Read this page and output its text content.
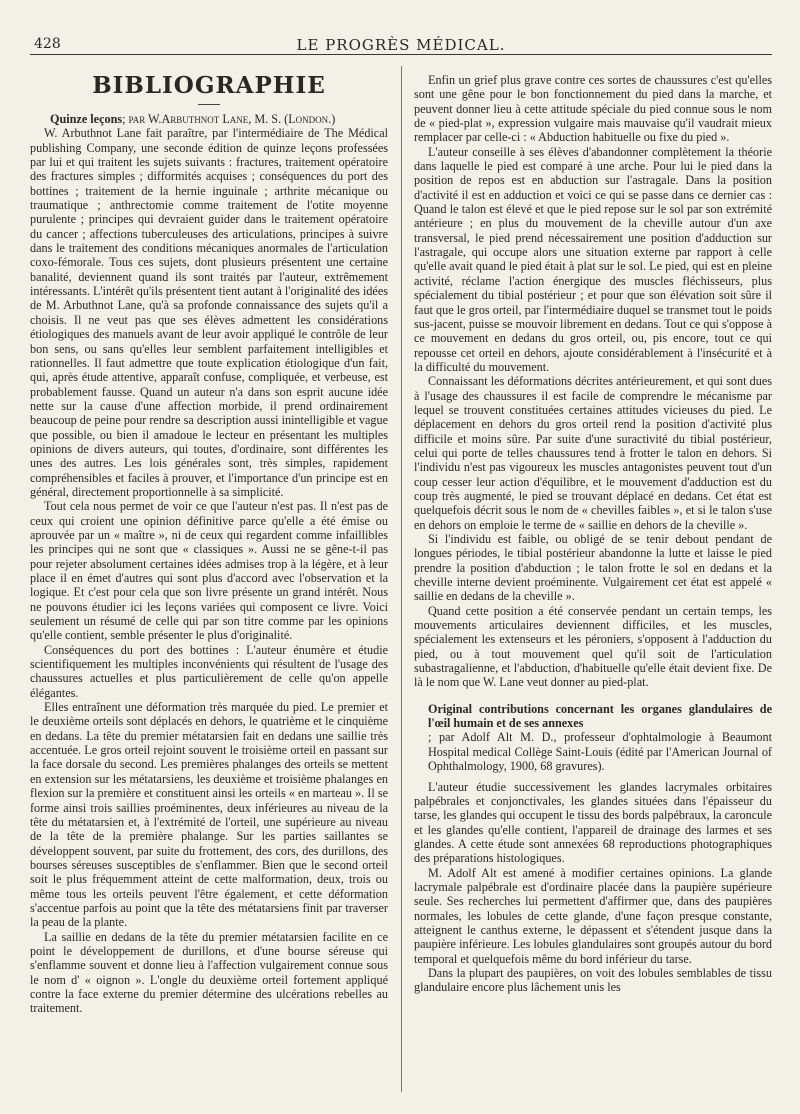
428	LE PROGRÈS MÉDICAL.
BIBLIOGRAPHIE

Quinze leçons; par W.Arbuthnot Lane, M. S. (London.)

W. Arbuthnot Lane fait paraître, par l'intermédiaire de The Médical publishing Company, une seconde édition de quinze leçons professées par lui et qui traitent les sujets suivants : fractures, traitement opératoire des fractures simples ; difformités acquises ; conséquences du port des bottines ; traitement de la hernie inguinale ; arthrite mécanique ou traumatique ; anthrectomie comme traitement de l'otite moyenne purulente ; principes qui devraient guider dans le traitement opératoire du cancer ; affections tuberculeuses des articulations, principes à suivre dans le traitement des conditions mécaniques anormales de l'articulation coxo-fémorale. Tous ces sujets, dont plusieurs présentent une certaine banalité, deviennent quand ils sont traités par l'auteur, extrêmement intéressants. L'intérêt qu'ils présentent tient autant à l'originalité des idées de M. Arbuthnot Lane, qu'à sa profonde connaissance des sujets qu'il a choisis. Il ne veut pas que ses élèves admettent les considérations étiologiques des manuels avant de leur avoir appliqué le contrôle de leur bon sens, ou sans qu'elles leur semblent parfaitement intelligibles et rationnelles. Il faut admettre que toute explication étiologique d'un fait, qui, après étude attentive, apparaît confuse, compliquée, et verbeuse, est probablement fausse. Quand un auteur n'a dans son esprit aucune idée nette sur la cause d'une affection morbide, il prend ordinairement beaucoup de peine pour rendre sa description aussi inintelligible et vague que possible, ou bien il amadoue le lecteur en présentant les multiples opinions de divers auteurs, qui toutes, d'ordinaire, sont différentes les unes des autres. Les lois générales sont, très simples, rapidement compréhensibles et faciles à prouver, et l'importance d'un principe est en général, directement proportionnelle à sa simplicité.

Tout cela nous permet de voir ce que l'auteur n'est pas. Il n'est pas de ceux qui croient une opinion définitive parce qu'elle a été émise ou aprouvée par un « maître », ni de ceux qui regardent comme infaillibles les principes qui ne sont que « classiques ». Aussi ne se gêne-t-il pas pour rejeter absolument certaines idées admises trop à la légère, et à leur place il en émet d'autres qui sont plus d'accord avec l'observation et la logique. Et c'est pour cela que son livre présente un grand intérêt. Nous ne pouvons étudier ici les leçons variées qui composent ce livre. Voici seulement un résumé de celle qui par son titre comme par les opinions qu'elle contient, semble présenter le plus d'originalité.

Conséquences du port des bottines : L'auteur énumère et étudie scientifiquement les multiples inconvénients qui résultent de l'usage des chaussures actuelles et plus particulièrement de celle qu'on appelle élégantes.

Elles entraînent une déformation très marquée du pied. Le premier et le deuxième orteils sont déplacés en dehors, le quatrième et le cinquième en dedans. La tête du premier métatarsien fait en dedans une saillie très accentuée. Le gros orteil rejoint souvent le troisième orteil en passant sur la face dorsale du second. Les premières phalanges des orteils se mettent en extension sur les métatarsiens, les deuxième et troisième phalanges en flexion sur la première et constituent ainsi les orteils « en marteau ». Il se forme ainsi trois saillies proéminentes, deux inférieures au niveau de la tête du métatarsien et, à l'extrémité de l'orteil, une supérieure au niveau de la tête de la première phalange. Sur les parties saillantes se développent souvent, par suite du frottement, des cors, des durillons, des bourses séreuses susceptibles de s'enflammer. Bien que le second orteil soit le plus fréquemment atteint de cette malformation, deux, trois ou même tous les orteils peuvent l'être également, et cette déformation s'accentue parfois au point que la tête des métatarsiens finit par traverser la peau de la plante.

La saillie en dedans de la tête du premier métatarsien facilite en ce point le développement de durillons, et d'une bourse séreuse qui s'enflamme souvent et donne lieu à l'affection vulgairement connue sous le nom d' « oignon ». L'ongle du deuxième orteil fortement appliqué contre la face externe du premier détermine des ulcérations rebelles au traitement.

Enfin un grief plus grave contre ces sortes de chaussures c'est qu'elles sont une gêne pour le bon fonctionnement du pied dans la marche, et peuvent donner lieu à cette attitude spéciale du pied connue sous le nom de « pied-plat », expression vulgaire mais mauvaise qu'il vaudrait mieux remplacer par celle-ci : « Abduction habituelle ou fixe du pied ».

L'auteur conseille à ses élèves d'abandonner complètement la théorie dans laquelle le pied est comparé à une arche. Pour lui le pied dans la position de repos est en abduction sur l'astragale. Dans la position d'activité il est en adduction et voici ce qui se passe dans ce dernier cas : Quand le talon est élevé et que le pied repose sur le sol par son extrémité antérieure ; en plus du mouvement de la cheville autour d'un axe transversal, le pied prend nécessairement une position d'adduction sur l'astragale, qui occupe alors une situation externe par rapport à celle qu'elle avait quand le pied était à plat sur le sol. Le pied, qui est en pleine activité, réclame l'action énergique des muscles fléchisseurs, plus spécialement du tibial postérieur ; et pour que son élévation soit sûre il faut que le gros orteil, par l'intermédiaire duquel se transmet tout le poids sus-jacent, puisse se mouvoir librement en dedans. Tout ce qui s'oppose à ce mouvement en dedans du gros orteil, ou, pis encore, tout ce qui repousse cet orteil en dehors, ajoute considérablement à l'insécurité et à la difficulté du mouvement.

Connaissant les déformations décrites antérieurement, et qui sont dues à l'usage des chaussures il est facile de comprendre le mécanisme par lequel se trouvent constituées certaines attitudes vicieuses du pied. Le déplacement en dehors du gros orteil rend la position d'activité plus difficile et moins sûre. Par suite d'une suractivité du tibial postérieur, celui qui porte de telles chaussures tend à frotter le talon en dehors. Si l'individu n'est pas vigoureux les muscles antagonistes peuvent tout d'un coup cesser leur action d'équilibre, et le mouvement d'adduction est du coup très augmenté, le pied se trouvant déplacé en dedans. Cet état est quelquefois décrit sous le nom de « chevilles faibles », et si le talon s'use en dehors on emploie le terme de « saillie en dehors de la cheville ».

Si l'individu est faible, ou obligé de se tenir debout pendant de longues périodes, le tibial postérieur abandonne la lutte et laisse le pied prendre la position d'abduction ; le talon frotte le sol en dedans et la cheville interne devient proéminente. Vulgairement cet état est appelé « saillie en dedans de la cheville ».

Quand cette position a été conservée pendant un certain temps, les mouvements articulaires deviennent difficiles, et les muscles, spécialement les extenseurs et les péroniers, s'opposent à l'adduction du pied, ou à tout mouvement quel qu'il soit de l'articulation subastragalienne, et l'abduction, d'habituelle qu'elle était devient fixe. De là le nom que W. Lane veut donner au pied-plat.

Original contributions concernant les organes glandulaires de l'œil humain et de ses annexes

; par Adolf Alt M. D., professeur d'ophtalmologie à Beaumont Hospital medical Collège Saint-Louis (édité par l'American Journal of Ophthalmology, 1900, 68 gravures).

L'auteur étudie successivement les glandes lacrymales orbitaires palpébrales et conjonctivales, les glandes situées dans l'épaisseur du tarse, les glandes qui occupent le tissu des bords palpébraux, la caroncule et les glandes qu'elle contient, l'appareil de drainage des larmes et ses glandes. A cette étude sont annexées 68 reproductions photographiques des préparations histologiques.

M. Adolf Alt est amené à modifier certaines opinions. La glande lacrymale palpébrale est d'ordinaire placée dans la paupière supérieure seule. Ses recherches lui permettent d'affirmer que, dans des paupières normales, les lobules de cette glande, d'une façon presque constante, atteignent le canthus externe, le dépassent et s'étendent jusque dans la paupière inférieure. Les lobules glandulaires sont groupés autour du bord temporal et quelquefois même du bord inférieur du tarse.

Dans la plupart des paupières, on voit des lobules semblables de tissu glandulaire encore plus lâchement unis les
